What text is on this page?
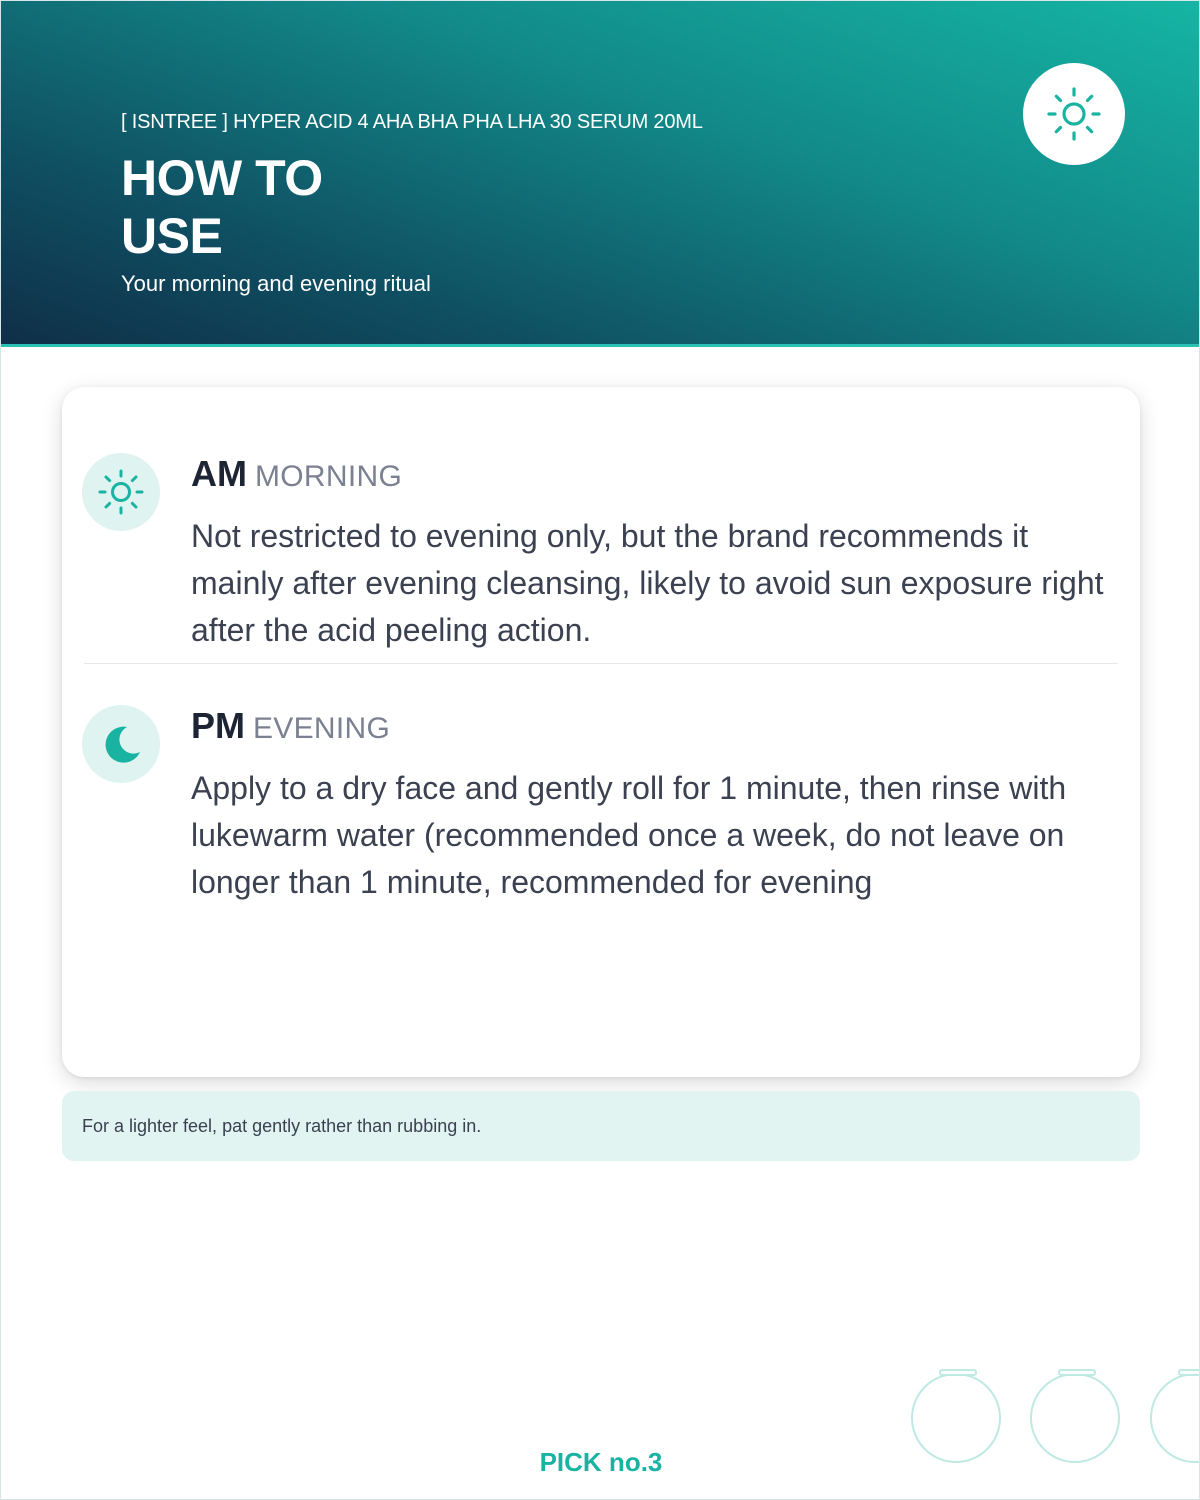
[ ISNTREE ] HYPER ACID 4 AHA BHA PHA LHA 30 SERUM 20ML
HOW TO
USE
Your morning and evening ritual
AM MORNING
Not restricted to evening only, but the brand recommends it mainly after evening cleansing, likely to avoid sun exposure right after the acid peeling action.
PM EVENING
Apply to a dry face and gently roll for 1 minute, then rinse with lukewarm water (recommended once a week, do not leave on longer than 1 minute, recommended for evening
For a lighter feel, pat gently rather than rubbing in.
PICK no.3
